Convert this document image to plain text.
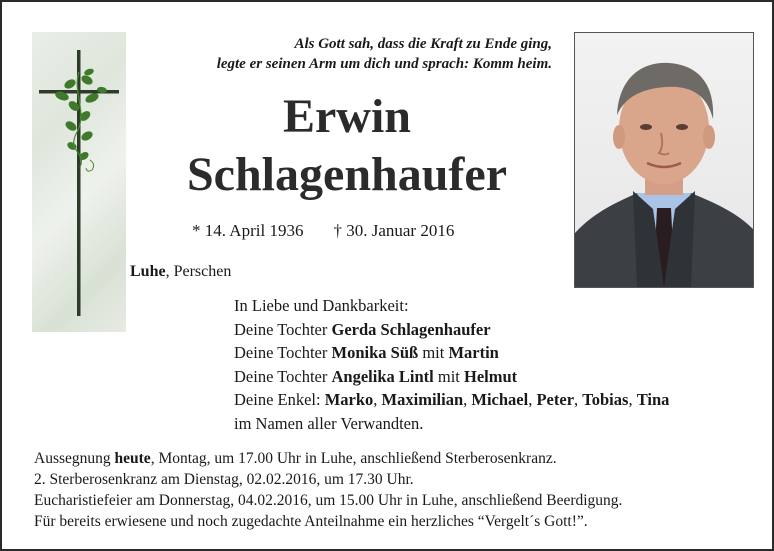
Als Gott sah, dass die Kraft zu Ende ging,
legte er seinen Arm um dich und sprach: Komm heim.
Erwin
Schlagenhaufer
* 14. April 1936 † 30. Januar 2016
Luhe, Perschen
In Liebe und Dankbarkeit:
Deine Tochter Gerda Schlagenhaufer
Deine Tochter Monika Süß mit Martin
Deine Tochter Angelika Lintl mit Helmut
Deine Enkel: Marko, Maximilian, Michael, Peter, Tobias, Tina
im Namen aller Verwandten.
Aussegnung heute, Montag, um 17.00 Uhr in Luhe, anschließend Sterberosenkranz.
2. Sterberosenkranz am Dienstag, 02.02.2016, um 17.30 Uhr.
Eucharistiefeier am Donnerstag, 04.02.2016, um 15.00 Uhr in Luhe, anschließend Beerdigung.
Für bereits erwiesene und noch zugedachte Anteilnahme ein herzliches “Vergelt´s Gott!”.
